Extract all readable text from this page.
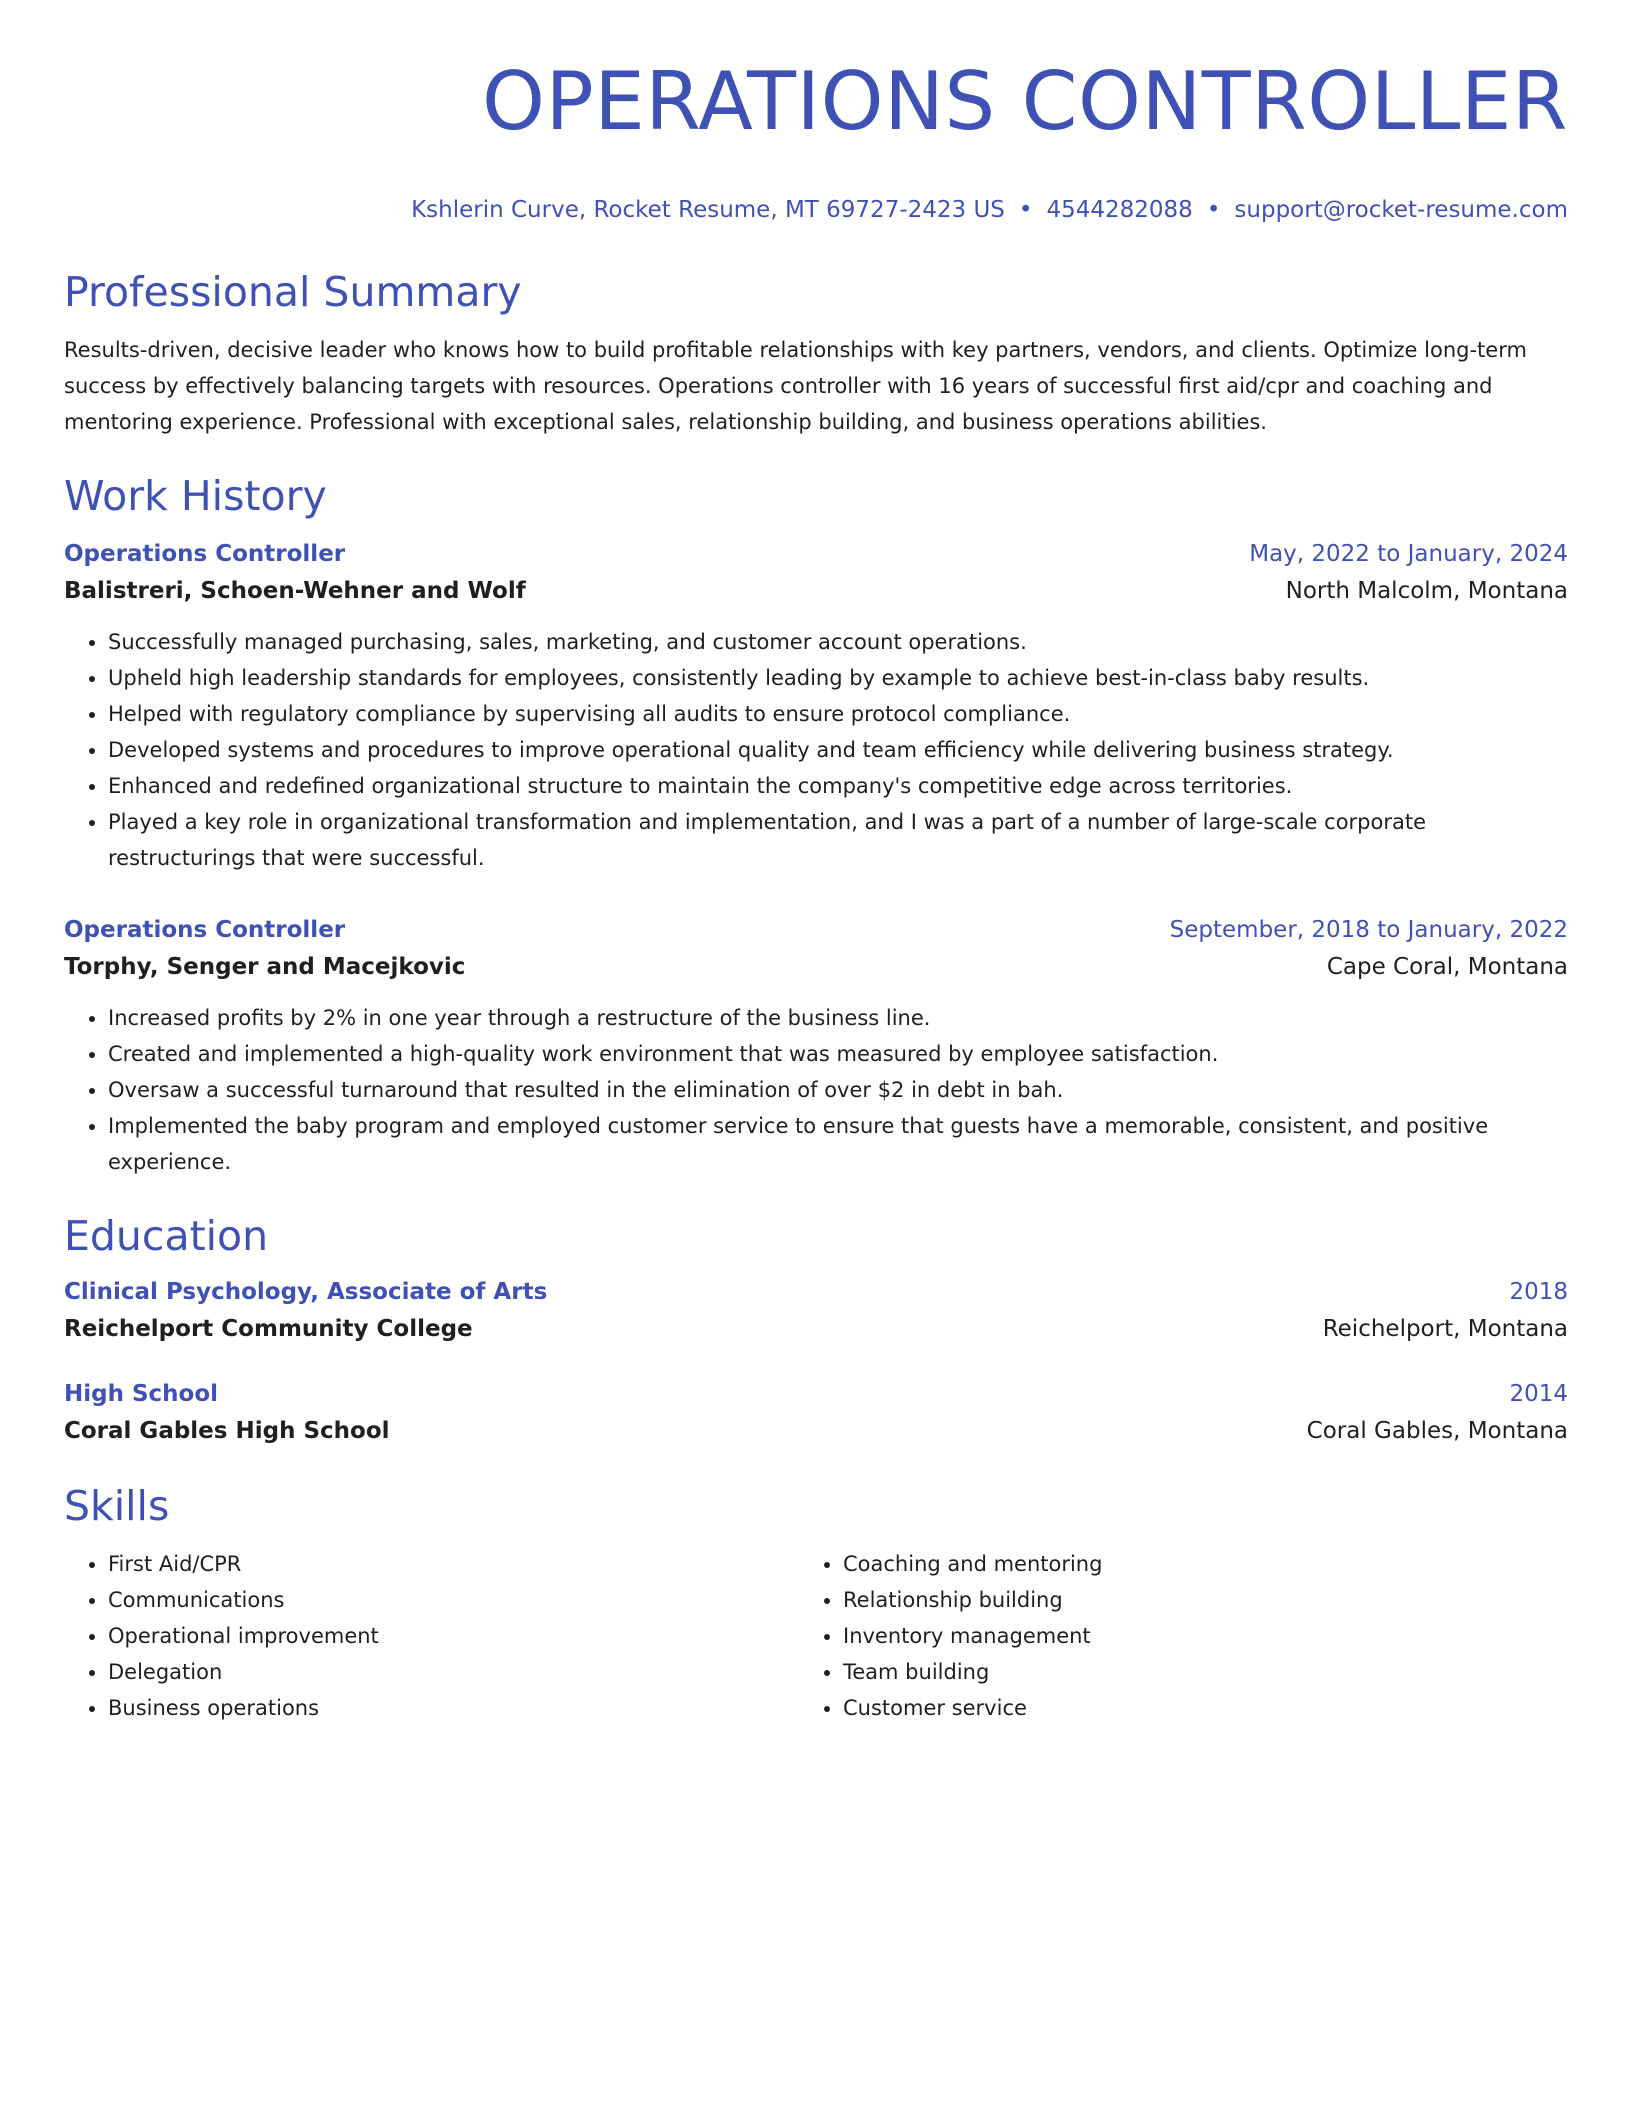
OPERATIONS CONTROLLER
Kshlerin Curve, Rocket Resume, MT 69727-2423 US • 4544282088 • support@rocket-resume.com
Professional Summary
Results-driven, decisive leader who knows how to build profitable relationships with key partners, vendors, and clients. Optimize long-term success by effectively balancing targets with resources. Operations controller with 16 years of successful first aid/cpr and coaching and mentoring experience. Professional with exceptional sales, relationship building, and business operations abilities.
Work History
Operations Controller	May, 2022 to January, 2024
Balistreri, Schoen-Wehner and Wolf	North Malcolm, Montana
• Successfully managed purchasing, sales, marketing, and customer account operations.
• Upheld high leadership standards for employees, consistently leading by example to achieve best-in-class baby results.
• Helped with regulatory compliance by supervising all audits to ensure protocol compliance.
• Developed systems and procedures to improve operational quality and team efficiency while delivering business strategy.
• Enhanced and redefined organizational structure to maintain the company's competitive edge across territories.
• Played a key role in organizational transformation and implementation, and I was a part of a number of large-scale corporate restructurings that were successful.
Operations Controller	September, 2018 to January, 2022
Torphy, Senger and Macejkovic	Cape Coral, Montana
• Increased profits by 2% in one year through a restructure of the business line.
• Created and implemented a high-quality work environment that was measured by employee satisfaction.
• Oversaw a successful turnaround that resulted in the elimination of over $2 in debt in bah.
• Implemented the baby program and employed customer service to ensure that guests have a memorable, consistent, and positive experience.
Education
Clinical Psychology, Associate of Arts	2018
Reichelport Community College	Reichelport, Montana
High School	2014
Coral Gables High School	Coral Gables, Montana
Skills
• First Aid/CPR
• Communications
• Operational improvement
• Delegation
• Business operations
• Coaching and mentoring
• Relationship building
• Inventory management
• Team building
• Customer service
